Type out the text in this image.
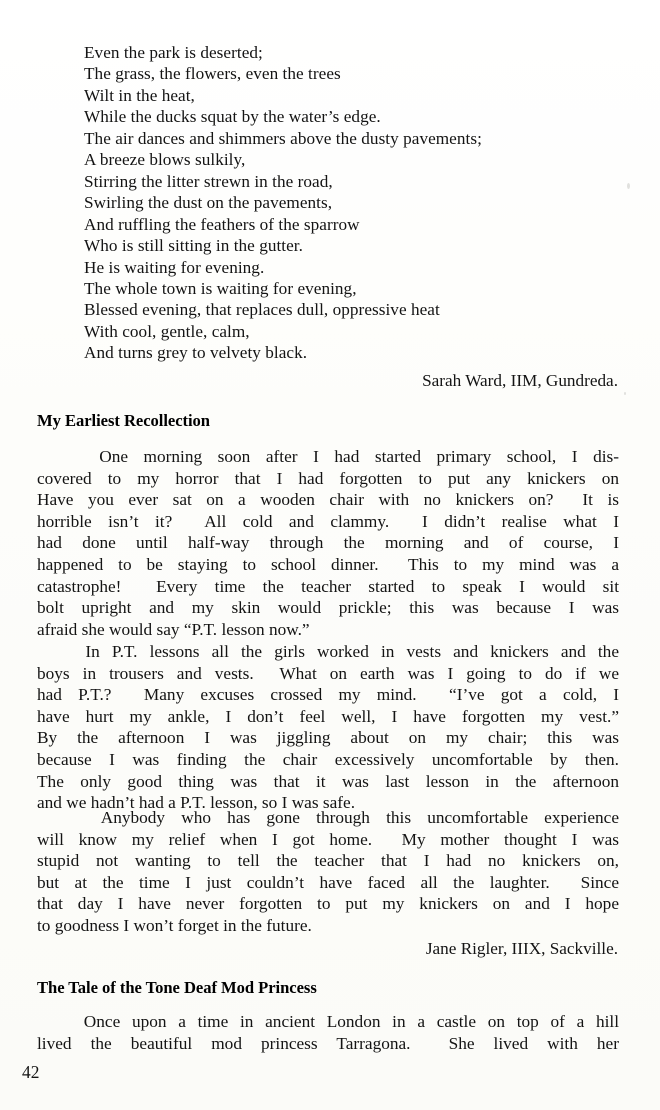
Even the park is deserted;
The grass, the flowers, even the trees
Wilt in the heat,
While the ducks squat by the water’s edge.
The air dances and shimmers above the dusty pavements;
A breeze blows sulkily,
Stirring the litter strewn in the road,
Swirling the dust on the pavements,
And ruffling the feathers of the sparrow
Who is still sitting in the gutter.
He is waiting for evening.
The whole town is waiting for evening,
Blessed evening, that replaces dull, oppressive heat
With cool, gentle, calm,
And turns grey to velvety black.
Sarah Ward, IIM, Gundreda.
My Earliest Recollection
One morning soon after I had started primary school, I dis-
covered to my horror that I had forgotten to put any knickers on
Have you ever sat on a wooden chair with no knickers on?  It is
horrible isn’t it?  All cold and clammy.  I didn’t realise what I
had done until half-way through the morning and of course, I
happened to be staying to school dinner.  This to my mind was a
catastrophe!  Every time the teacher started to speak I would sit
bolt upright and my skin would prickle; this was because I was
afraid she would say “P.T. lesson now.”
In P.T. lessons all the girls worked in vests and knickers and the
boys in trousers and vests.  What on earth was I going to do if we
had P.T.?  Many excuses crossed my mind.  “I’ve got a cold, I
have hurt my ankle, I don’t feel well, I have forgotten my vest.”
By the afternoon I was jiggling about on my chair; this was
because I was finding the chair excessively uncomfortable by then.
The only good thing was that it was last lesson in the afternoon
and we hadn’t had a P.T. lesson, so I was safe.
Anybody who has gone through this uncomfortable experience
will know my relief when I got home.  My mother thought I was
stupid not wanting to tell the teacher that I had no knickers on,
but at the time I just couldn’t have faced all the laughter.  Since
that day I have never forgotten to put my knickers on and I hope
to goodness I won’t forget in the future.
Jane Rigler, IIIX, Sackville.
The Tale of the Tone Deaf Mod Princess
Once upon a time in ancient London in a castle on top of a hill
lived the beautiful mod princess Tarragona.  She lived with her
42
